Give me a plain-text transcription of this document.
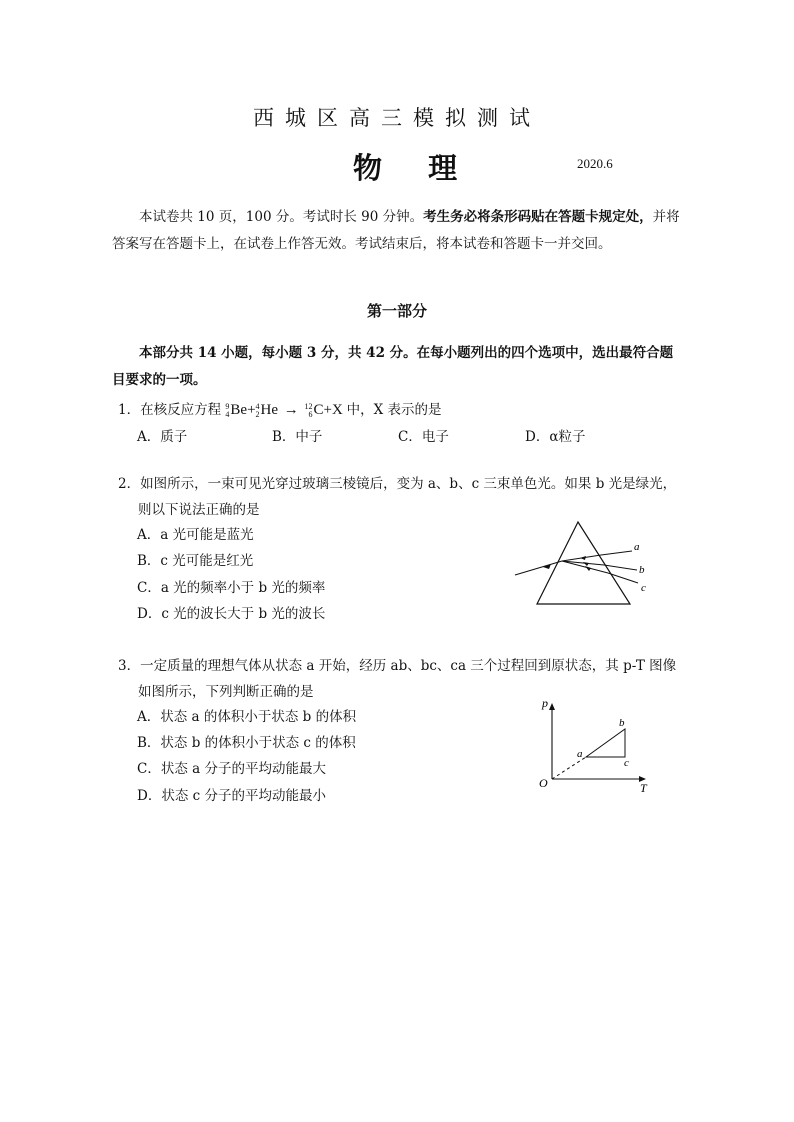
西城区高三模拟测试
物 理	2020.6
本试卷共 10 页，100 分。考试时长 90 分钟。考生务必将条形码贴在答题卡规定处，并将答案写在答题卡上，在试卷上作答无效。考试结束后，将本试卷和答题卡一并交回。
第一部分
本部分共 14 小题，每小题 3 分，共 42 分。在每小题列出的四个选项中，选出最符合题目要求的一项。
1．在核反应方程 9
4 Be+ 4
2 He → 12
6 C+X 中，X 表示的是
A．质子	B．中子	C．电子	D．α粒子
2．如图所示，一束可见光穿过玻璃三棱镜后，变为 a、b、c 三束单色光。如果 b 光是绿光，
则以下说法正确的是
A．a 光可能是蓝光
B．c 光可能是红光
C．a 光的频率小于 b 光的频率
D．c 光的波长大于 b 光的波长
a
b
c
3．一定质量的理想气体从状态 a 开始，经历 ab、bc、ca 三个过程回到原状态，其 p-T 图像
如图所示，下列判断正确的是
A．状态 a 的体积小于状态 b 的体积
B．状态 b 的体积小于状态 c 的体积
C．状态 a 分子的平均动能最大
D．状态 c 分子的平均动能最小
p
T
O
a
b
c
